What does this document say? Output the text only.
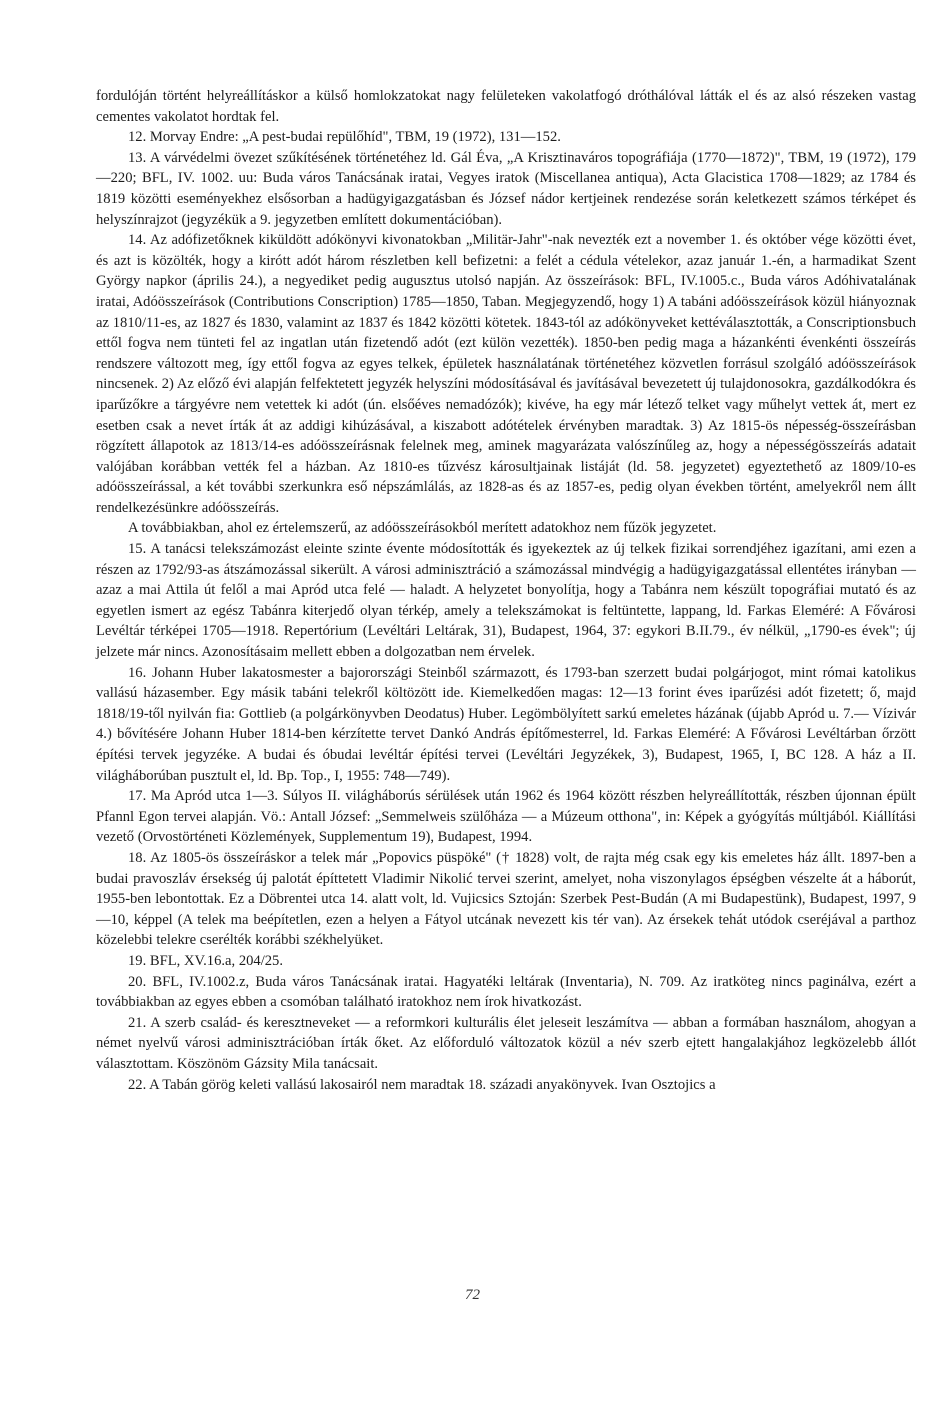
fordulóján történt helyreállításkor a külső homlokzatokat nagy felületeken vakolatfogó dróthálóval látták el és az alsó részeken vastag cementes vakolatot hordtak fel.

12. Morvay Endre: „A pest-budai repülőhíd", TBM, 19 (1972), 131—152.

13. A várvédelmi övezet szűkítésének történetéhez ld. Gál Éva, „A Krisztinaváros topográfiája (1770—1872)", TBM, 19 (1972), 179—220; BFL, IV. 1002. uu: Buda város Tanácsának iratai, Vegyes iratok (Miscellanea antiqua), Acta Glacistica 1708—1829; az 1784 és 1819 közötti eseményekhez elsősorban a hadügyigazgatásban és József nádor kertjeinek rendezése során keletkezett számos térképet és helyszínrajzot (jegyzékük a 9. jegyzetben említett dokumentációban).

14. Az adófizetőknek kiküldött adókönyvi kivonatokban „Militär-Jahr"-nak nevezték ezt a november 1. és október vége közötti évet, és azt is közölték, hogy a kirótt adót három részletben kell befizetni: a felét a cédula vételekor, azaz január 1.-én, a harmadikat Szent György napkor (április 24.), a negyediket pedig augusztus utolsó napján. Az összeírások: BFL, IV.1005.c., Buda város Adóhivatalának iratai, Adóösszeírások (Contributions Conscription) 1785—1850, Taban. Megjegyzendő, hogy 1) A tabáni adóösszeírások közül hiányoznak az 1810/11-es, az 1827 és 1830, valamint az 1837 és 1842 közötti kötetek. 1843-tól az adókönyveket kettéválasztották, a Conscriptionsbuch ettől fogva nem tünteti fel az ingatlan után fizetendő adót (ezt külön vezették). 1850-ben pedig maga a házankénti évenkénti összeírás rendszere változott meg, így ettől fogva az egyes telkek, épületek használatának történetéhez közvetlen forrásul szolgáló adóösszeírások nincsenek. 2) Az előző évi alapján felfektetett jegyzék helyszíni módosításával és javításával bevezetett új tulajdonosokra, gazdálkodókra és iparűzőkre a tárgyévre nem vetettek ki adót (ún. elsőéves nemadózók); kivéve, ha egy már létező telket vagy műhelyt vettek át, mert ez esetben csak a nevet írták át az addigi kihúzásával, a kiszabott adótételek érvényben maradtak. 3) Az 1815-ös népesség-összeírásban rögzített állapotok az 1813/14-es adóösszeírásnak felelnek meg, aminek magyarázata valószínűleg az, hogy a népességösszeírás adatait valójában korábban vették fel a házban. Az 1810-es tűzvész károsultjainak listáját (ld. 58. jegyzetet) egyeztethető az 1809/10-es adóösszeírással, a két további szerkunkra eső népszámlálás, az 1828-as és az 1857-es, pedig olyan években történt, amelyekről nem állt rendelkezésünkre adóösszeírás.

A továbbiakban, ahol ez értelemszerű, az adóösszeírásokból merített adatokhoz nem fűzök jegyzetet.

15. A tanácsi telekszámozást eleinte szinte évente módosították és igyekeztek az új telkek fizikai sorrendjéhez igazítani, ami ezen a részen az 1792/93-as átszámozással sikerült. A városi adminisztráció a számozással mindvégig a hadügyigazgatással ellentétes irányban — azaz a mai Attila út felől a mai Apród utca felé — haladt. A helyzetet bonyolítja, hogy a Tabánra nem készült topográfiai mutató és az egyetlen ismert az egész Tabánra kiterjedő olyan térkép, amely a telekszámokat is feltüntette, lappang, ld. Farkas Eleméré: A Fővárosi Levéltár térképei 1705—1918. Repertórium (Levéltári Leltárak, 31), Budapest, 1964, 37: egykori B.II.79., év nélkül, „1790-es évek"; új jelzete már nincs. Azonosításaim mellett ebben a dolgozatban nem érvelek.

16. Johann Huber lakatosmester a bajorországi Steinből származott, és 1793-ban szerzett budai polgárjogot, mint római katolikus vallású házasember. Egy másik tabáni telekről költözött ide. Kiemelkedően magas: 12—13 forint éves iparűzési adót fizetett; ő, majd 1818/19-től nyilván fia: Gottlieb (a polgárkönyvben Deodatus) Huber. Legömbölyített sarkú emeletes házának (újabb Apród u. 7.— Vízivár 4.) bővítésére Johann Huber 1814-ben kérzítette tervet Dankó András építőmesterrel, ld. Farkas Eleméré: A Fővárosi Levéltárban őrzött építési tervek jegyzéke. A budai és óbudai levéltár építési tervei (Levéltári Jegyzékek, 3), Budapest, 1965, I, BC 128. A ház a II. világháborúban pusztult el, ld. Bp. Top., I, 1955: 748—749).

17. Ma Apród utca 1—3. Súlyos II. világháborús sérülések után 1962 és 1964 között részben helyreállították, részben újonnan épült Pfannl Egon tervei alapján. Vö.: Antall József: „Semmelweis szülőháza — a Múzeum otthona", in: Képek a gyógyítás múltjából. Kiállítási vezető (Orvostörténeti Közlemények, Supplementum 19), Budapest, 1994.

18. Az 1805-ös összeíráskor a telek már „Popovics püspöké" († 1828) volt, de rajta még csak egy kis emeletes ház állt. 1897-ben a budai pravoszláv érsekség új palotát építtetett Vladimir Nikolić tervei szerint, amelyet, noha viszonylagos épségben vészelte át a háborút, 1955-ben lebontottak. Ez a Döbrentei utca 14. alatt volt, ld. Vujicsics Sztoján: Szerbek Pest-Budán (A mi Budapestünk), Budapest, 1997, 9—10, képpel (A telek ma beépítetlen, ezen a helyen a Fátyol utcának nevezett kis tér van). Az érsekek tehát utódok cseréjával a parthoz közelebbi telekre cserélték korábbi székhelyüket.

19. BFL, XV.16.a, 204/25.

20. BFL, IV.1002.z, Buda város Tanácsának iratai. Hagyatéki leltárak (Inventaria), N. 709. Az iratköteg nincs paginálva, ezért a továbbiakban az egyes ebben a csomóban található iratokhoz nem írok hivatkozást.

21. A szerb család- és keresztneveket — a reformkori kulturális élet jeleseit leszámítva — abban a formában használom, ahogyan a német nyelvű városi adminisztrációban írták őket. Az előforduló változatok közül a név szerb ejtett hangalakjához legközelebb állót választottam. Köszönöm Gázsity Mila tanácsait.

22. A Tabán görög keleti vallású lakosairól nem maradtak 18. századi anyakönyvek. Ivan Osztojics a

72
